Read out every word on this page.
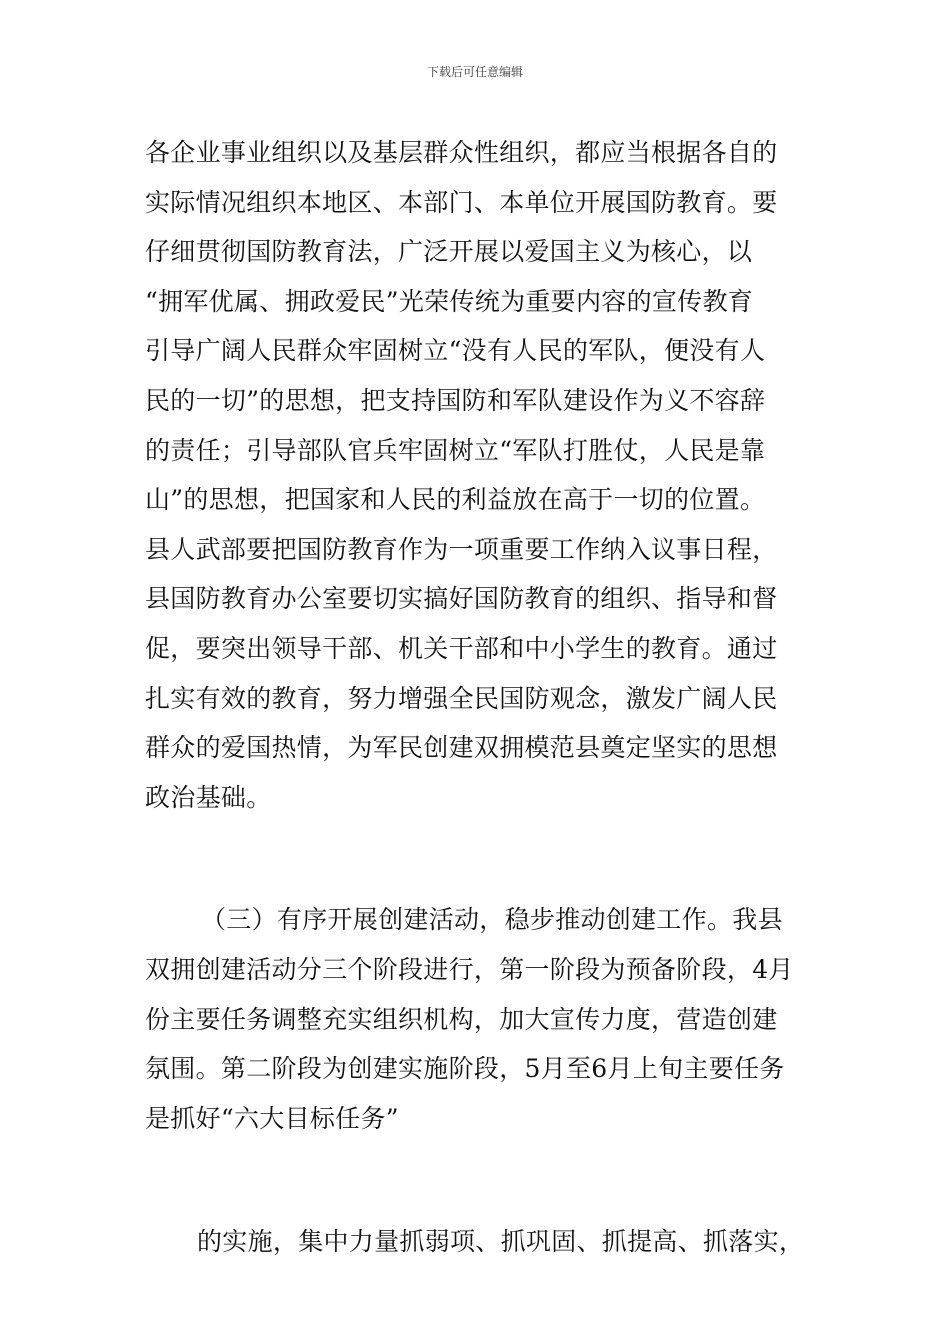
下载后可任意编辑
各企业事业组织以及基层群众性组织，都应当根据各自的
实际情况组织本地区、本部门、本单位开展国防教育。要
仔细贯彻国防教育法，广泛开展以爱国主义为核心，以
“拥军优属、拥政爱民”光荣传统为重要内容的宣传教育
引导广阔人民群众牢固树立“没有人民的军队，便没有人
民的一切”的思想，把支持国防和军队建设作为义不容辞
的责任；引导部队官兵牢固树立“军队打胜仗，人民是靠
山”的思想，把国家和人民的利益放在高于一切的位置。
县人武部要把国防教育作为一项重要工作纳入议事日程，
县国防教育办公室要切实搞好国防教育的组织、指导和督
促，要突出领导干部、机关干部和中小学生的教育。通过
扎实有效的教育，努力增强全民国防观念，激发广阔人民
群众的爱国热情，为军民创建双拥模范县奠定坚实的思想
政治基础。
（三）有序开展创建活动，稳步推动创建工作。我县
双拥创建活动分三个阶段进行，第一阶段为预备阶段，4月
份主要任务调整充实组织机构，加大宣传力度，营造创建
氛围。第二阶段为创建实施阶段，5月至6月上旬主要任务
是抓好“六大目标任务”
的实施，集中力量抓弱项、抓巩固、抓提高、抓落实，
